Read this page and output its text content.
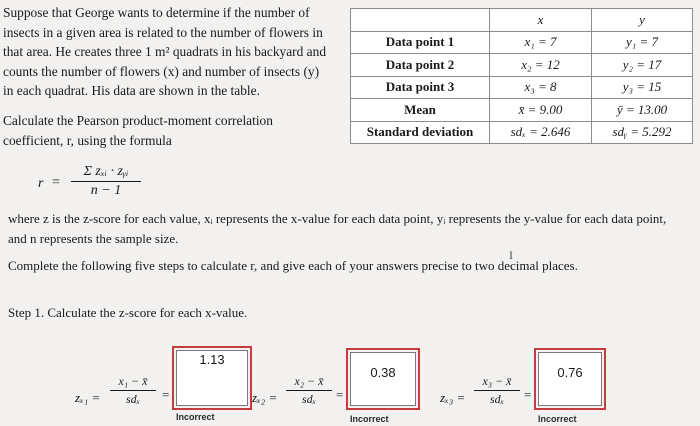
Suppose that George wants to determine if the number of
insects in a given area is related to the number of flowers in
that area. He creates three 1 m² quadrats in his backyard and
counts the number of flowers (x) and number of insects (y)
in each quadrat. His data are shown in the table.

Calculate the Pearson product-moment correlation
coefficient, r, using the formula

	x	y
Data point 1	x₁ = 7	y₁ = 7
Data point 2	x₂ = 12	y₂ = 17
Data point 3	x₃ = 8	y₃ = 15
Mean	x̄ = 9.00	ȳ = 13.00
Standard deviation	sdₓ = 2.646	sdᵧ = 5.292
r =
Σ zₓᵢ · zᵧᵢ
n − 1
where z is the z-score for each value, xᵢ represents the x-value for each data point, yᵢ represents the y-value for each data point, and n represents the sample size.
Complete the following five steps to calculate r, and give each of your answers precise to two decimal places.
I
Step 1. Calculate the z-score for each x-value.
zₓ₁ =
x₁ − x̄
sdₓ	=
1.13
Incorrect
zₓ₂ =
x₂ − x̄
sdₓ	=
0.38
Incorrect
zₓ₃ =
x₃ − x̄
sdₓ	=
0.76
Incorrect
